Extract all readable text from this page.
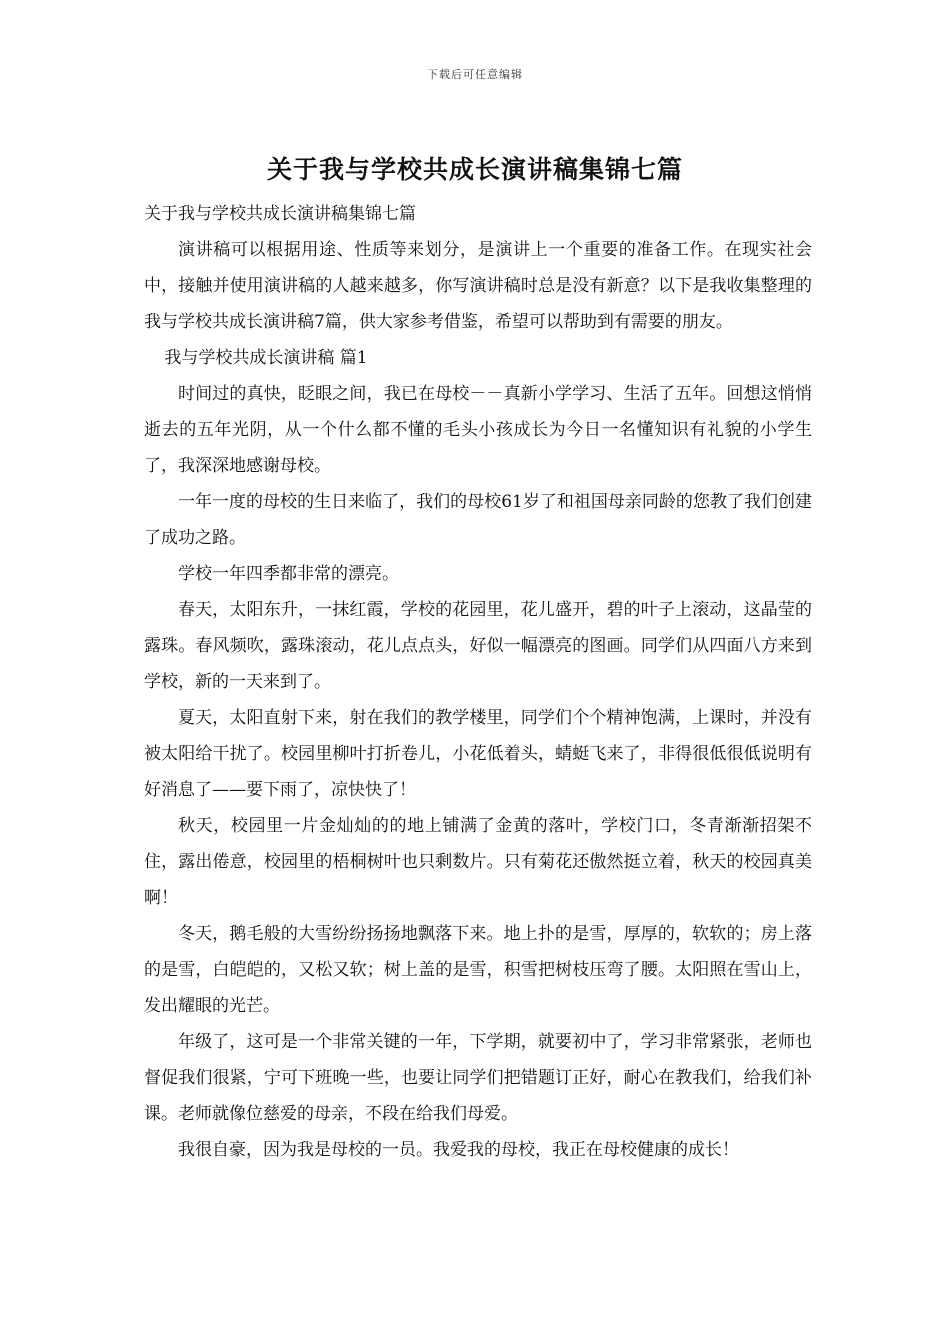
下载后可任意编辑
关于我与学校共成长演讲稿集锦七篇

关于我与学校共成长演讲稿集锦七篇

演讲稿可以根据用途、性质等来划分，是演讲上一个重要的准备工作。在现实社会中，接触并使用演讲稿的人越来越多，你写演讲稿时总是没有新意？以下是我收集整理的我与学校共成长演讲稿7篇，供大家参考借鉴，希望可以帮助到有需要的朋友。

我与学校共成长演讲稿 篇1

时间过的真快，眨眼之间，我已在母校－－真新小学学习、生活了五年。回想这悄悄逝去的五年光阴，从一个什么都不懂的毛头小孩成长为今日一名懂知识有礼貌的小学生了，我深深地感谢母校。

一年一度的母校的生日来临了，我们的母校61岁了和祖国母亲同龄的您教了我们创建了成功之路。

学校一年四季都非常的漂亮。

春天，太阳东升，一抹红霞，学校的花园里，花儿盛开，碧的叶子上滚动，这晶莹的露珠。春风频吹，露珠滚动，花儿点点头，好似一幅漂亮的图画。同学们从四面八方来到学校，新的一天来到了。

夏天，太阳直射下来，射在我们的教学楼里，同学们个个精神饱满，上课时，并没有被太阳给干扰了。校园里柳叶打折卷儿，小花低着头，蜻蜓飞来了，非得很低很低说明有好消息了——要下雨了，凉快快了！

秋天，校园里一片金灿灿的的地上铺满了金黄的落叶，学校门口，冬青渐渐招架不住，露出倦意，校园里的梧桐树叶也只剩数片。只有菊花还傲然挺立着，秋天的校园真美啊！

冬天，鹅毛般的大雪纷纷扬扬地飘落下来。地上扑的是雪，厚厚的，软软的；房上落的是雪，白皑皑的，又松又软；树上盖的是雪，积雪把树枝压弯了腰。太阳照在雪山上，发出耀眼的光芒。

年级了，这可是一个非常关键的一年，下学期，就要初中了，学习非常紧张，老师也督促我们很紧，宁可下班晚一些，也要让同学们把错题订正好，耐心在教我们，给我们补课。老师就像位慈爱的母亲，不段在给我们母爱。

我很自豪，因为我是母校的一员。我爱我的母校，我正在母校健康的成长！
